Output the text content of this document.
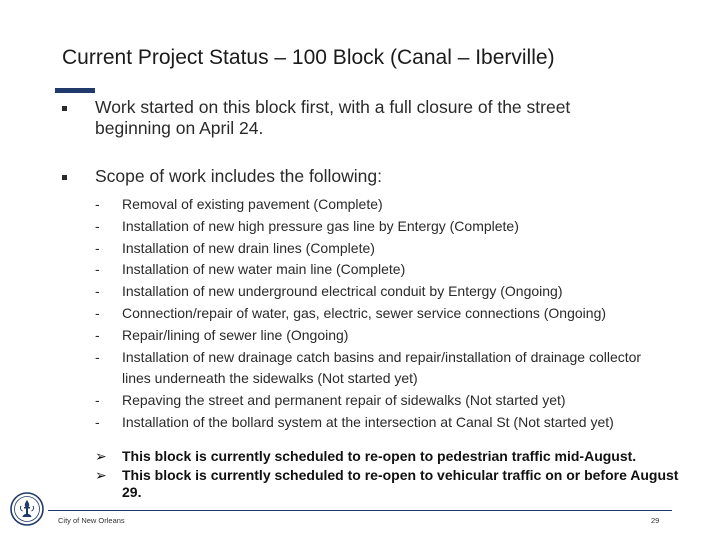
Current Project Status – 100 Block (Canal – Iberville)
Work started on this block first, with a full closure of the street
beginning on April 24.
Scope of work includes the following:
-	Removal of existing pavement (Complete)
-	Installation of new high pressure gas line by Entergy (Complete)
-	Installation of new drain lines (Complete)
-	Installation of new water main line (Complete)
-	Installation of new underground electrical conduit by Entergy (Ongoing)
-	Connection/repair of water, gas, electric, sewer service connections (Ongoing)
-	Repair/lining of sewer line (Ongoing)
-	Installation of new drainage catch basins and repair/installation of drainage collector
lines underneath the sidewalks (Not started yet)
-	Repaving the street and permanent repair of sidewalks (Not started yet)
-	Installation of the bollard system at the intersection at Canal St (Not started yet)
➢	This block is currently scheduled to re-open to pedestrian traffic mid-August.
➢	This block is currently scheduled to re-open to vehicular traffic on or before August
29.
City of New Orleans	29
